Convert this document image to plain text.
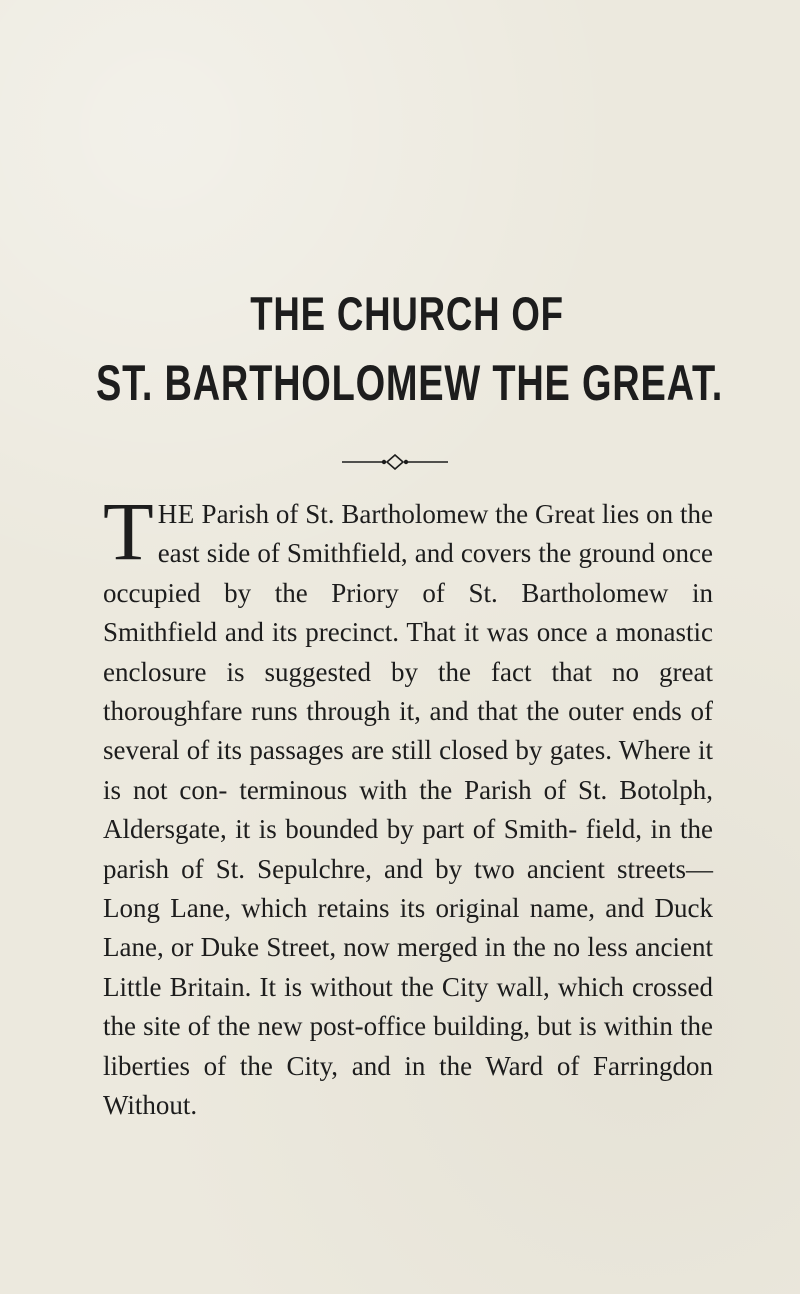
THE CHURCH OF
ST. BARTHOLOMEW THE GREAT.
T HE Parish of St. Bartholomew the Great lies on the east side of Smithfield, and covers the ground once occupied by the Priory of St. Bartholomew in Smithfield and its precinct. That it was once a monastic enclosure is suggested by the fact that no great thoroughfare runs through it, and that the outer ends of several of its passages are still closed by gates. Where it is not con- terminous with the Parish of St. Botolph, Aldersgate, it is bounded by part of Smith- field, in the parish of St. Sepulchre, and by two ancient streets—Long Lane, which retains its original name, and Duck Lane, or Duke Street, now merged in the no less ancient Little Britain. It is without the City wall, which crossed the site of the new post-office building, but is within the liberties of the City, and in the Ward of Farringdon Without.
